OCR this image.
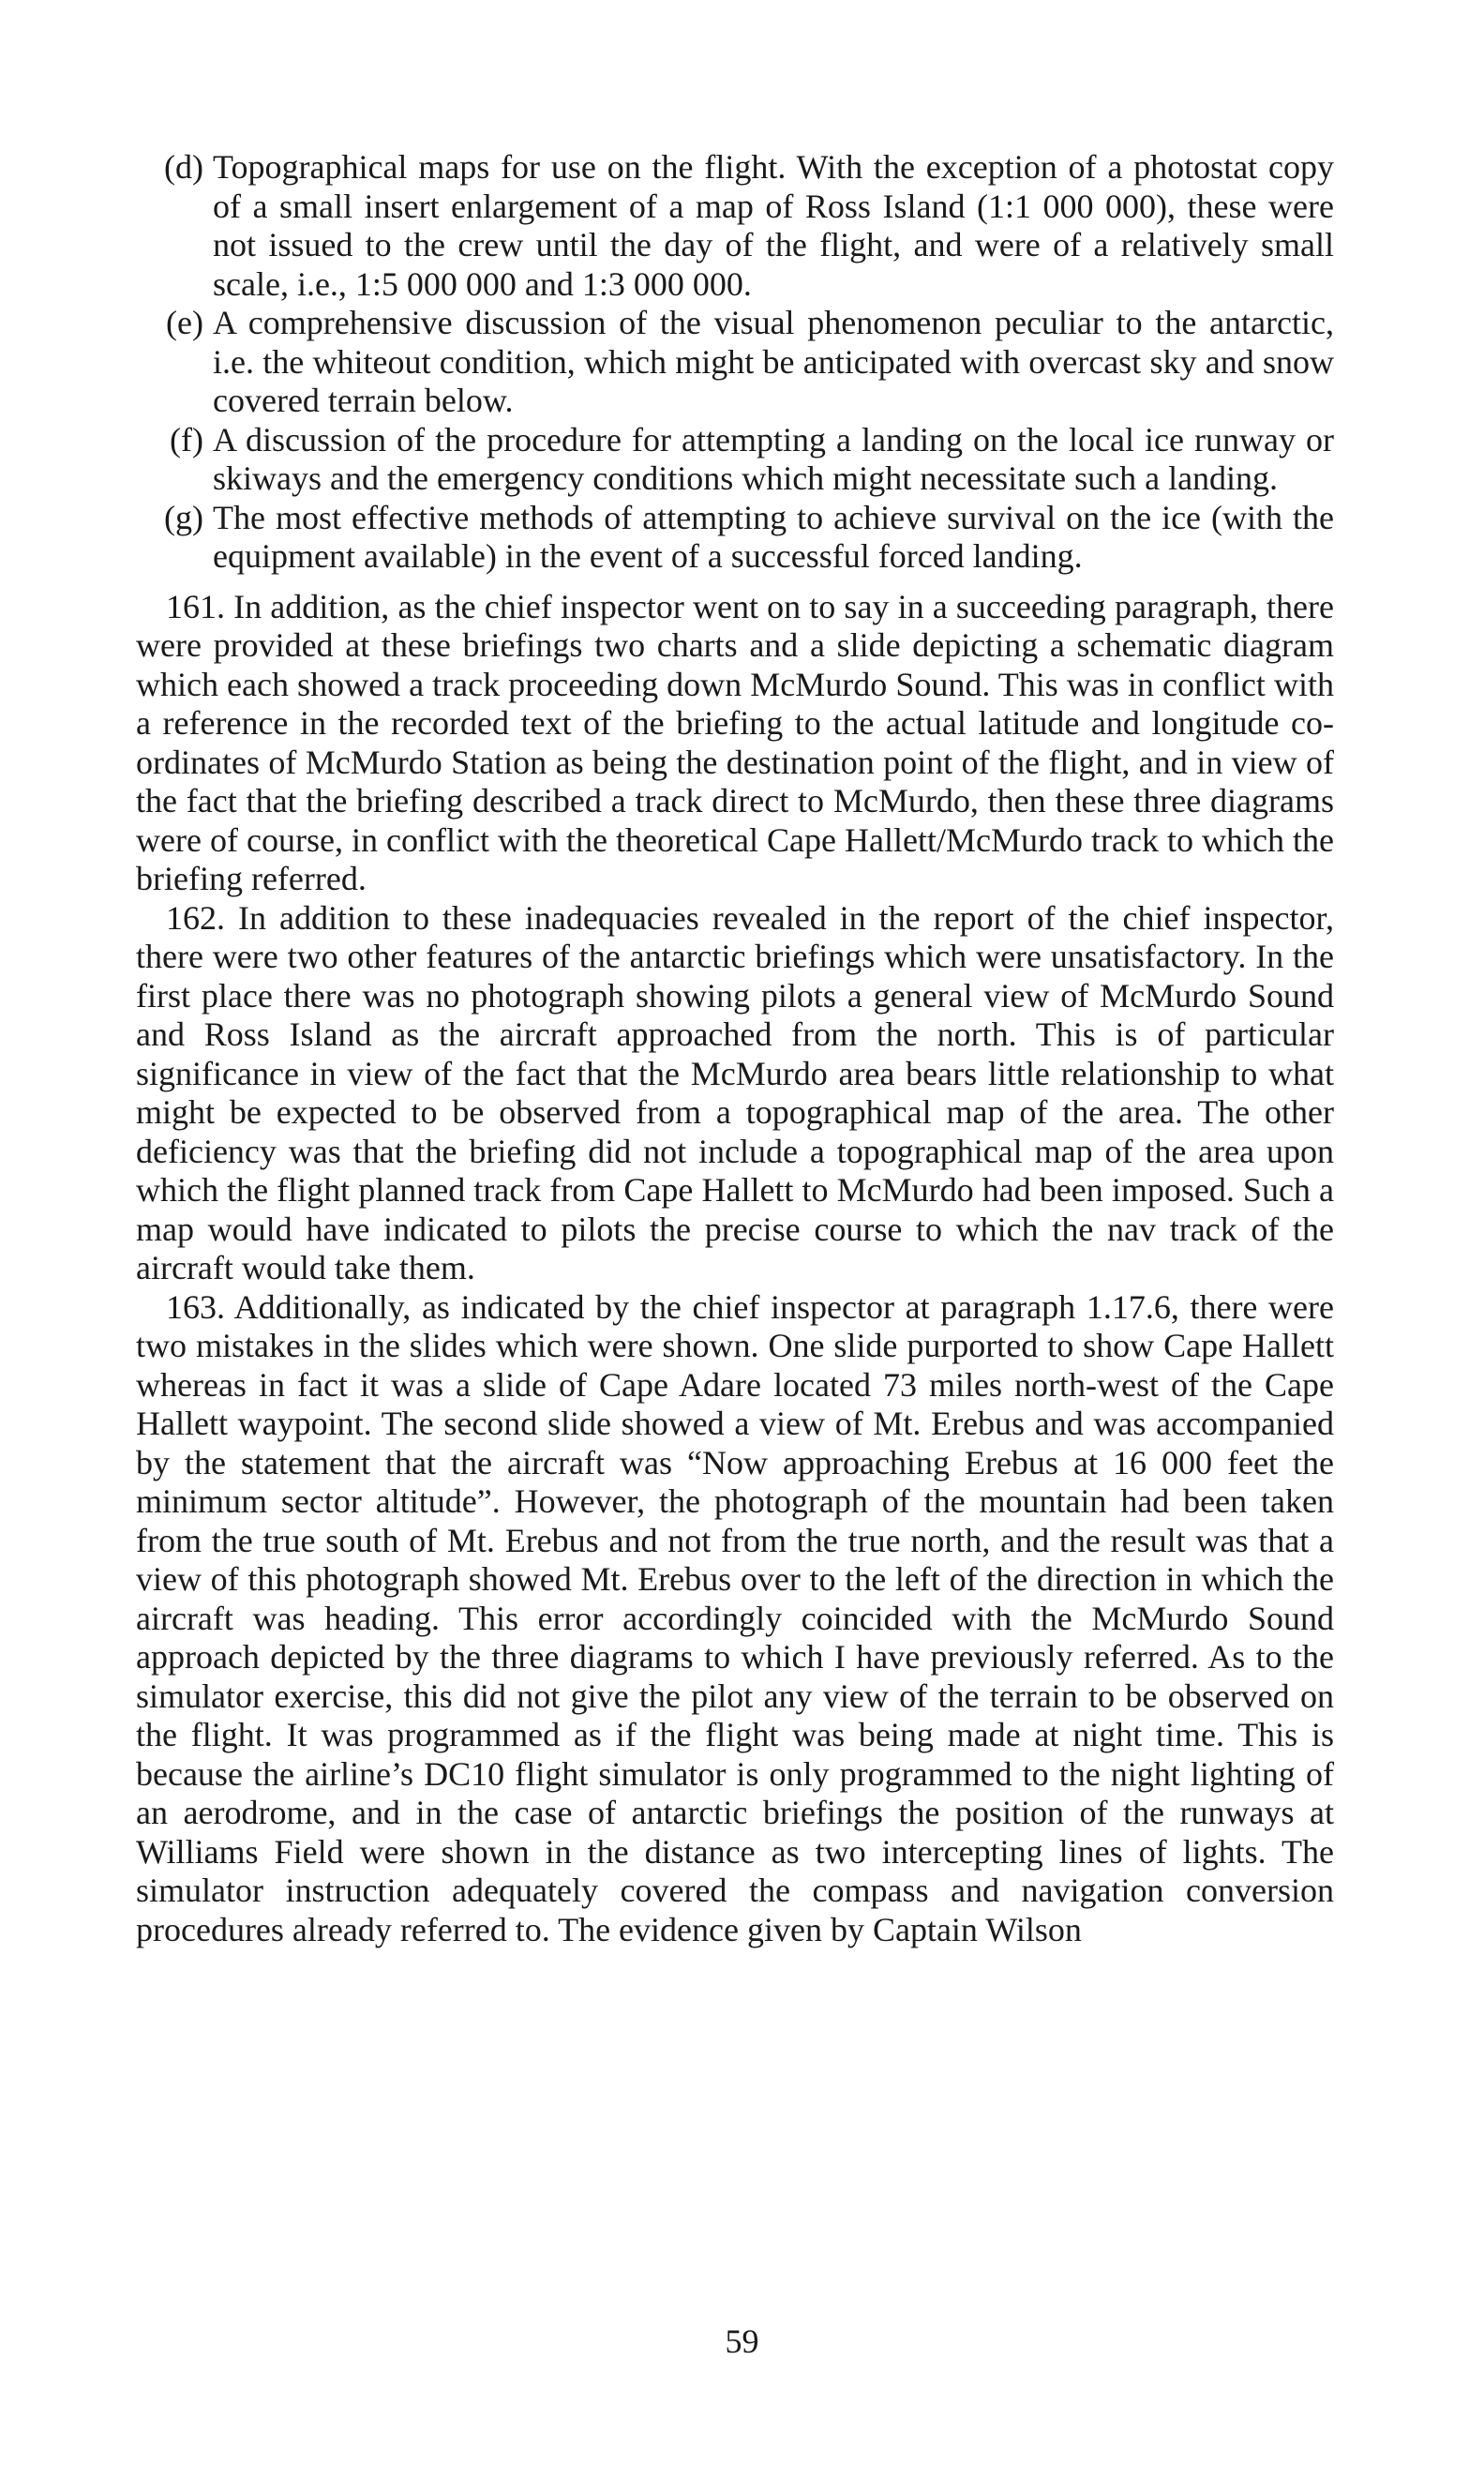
(d) Topographical maps for use on the flight. With the exception of a photostat copy of a small insert enlargement of a map of Ross Island (1:1 000 000), these were not issued to the crew until the day of the flight, and were of a relatively small scale, i.e., 1:5 000 000 and 1:3 000 000.
(e) A comprehensive discussion of the visual phenomenon peculiar to the antarctic, i.e. the whiteout condition, which might be anticipated with overcast sky and snow covered terrain below.
(f) A discussion of the procedure for attempting a landing on the local ice runway or skiways and the emergency conditions which might necessitate such a landing.
(g) The most effective methods of attempting to achieve survival on the ice (with the equipment available) in the event of a successful forced landing.

161. In addition, as the chief inspector went on to say in a succeeding paragraph, there were provided at these briefings two charts and a slide depicting a schematic diagram which each showed a track proceeding down McMurdo Sound. This was in conflict with a reference in the recorded text of the briefing to the actual latitude and longitude co-ordinates of McMurdo Station as being the destination point of the flight, and in view of the fact that the briefing described a track direct to McMurdo, then these three diagrams were of course, in conflict with the theoretical Cape Hallett/McMurdo track to which the briefing referred.

162. In addition to these inadequacies revealed in the report of the chief inspector, there were two other features of the antarctic briefings which were unsatisfactory. In the first place there was no photograph showing pilots a general view of McMurdo Sound and Ross Island as the aircraft approached from the north. This is of particular significance in view of the fact that the McMurdo area bears little relationship to what might be expected to be observed from a topographical map of the area. The other deficiency was that the briefing did not include a topographical map of the area upon which the flight planned track from Cape Hallett to McMurdo had been imposed. Such a map would have indicated to pilots the precise course to which the nav track of the aircraft would take them.

163. Additionally, as indicated by the chief inspector at paragraph 1.17.6, there were two mistakes in the slides which were shown. One slide purported to show Cape Hallett whereas in fact it was a slide of Cape Adare located 73 miles north-west of the Cape Hallett waypoint. The second slide showed a view of Mt. Erebus and was accompanied by the statement that the aircraft was “Now approaching Erebus at 16 000 feet the minimum sector altitude”. However, the photograph of the mountain had been taken from the true south of Mt. Erebus and not from the true north, and the result was that a view of this photograph showed Mt. Erebus over to the left of the direction in which the aircraft was heading. This error accordingly coincided with the McMurdo Sound approach depicted by the three diagrams to which I have previously referred. As to the simulator exercise, this did not give the pilot any view of the terrain to be observed on the flight. It was programmed as if the flight was being made at night time. This is because the airline’s DC10 flight simulator is only programmed to the night lighting of an aerodrome, and in the case of antarctic briefings the position of the runways at Williams Field were shown in the distance as two intercepting lines of lights. The simulator instruction adequately covered the compass and navigation conversion procedures already referred to. The evidence given by Captain Wilson

59
